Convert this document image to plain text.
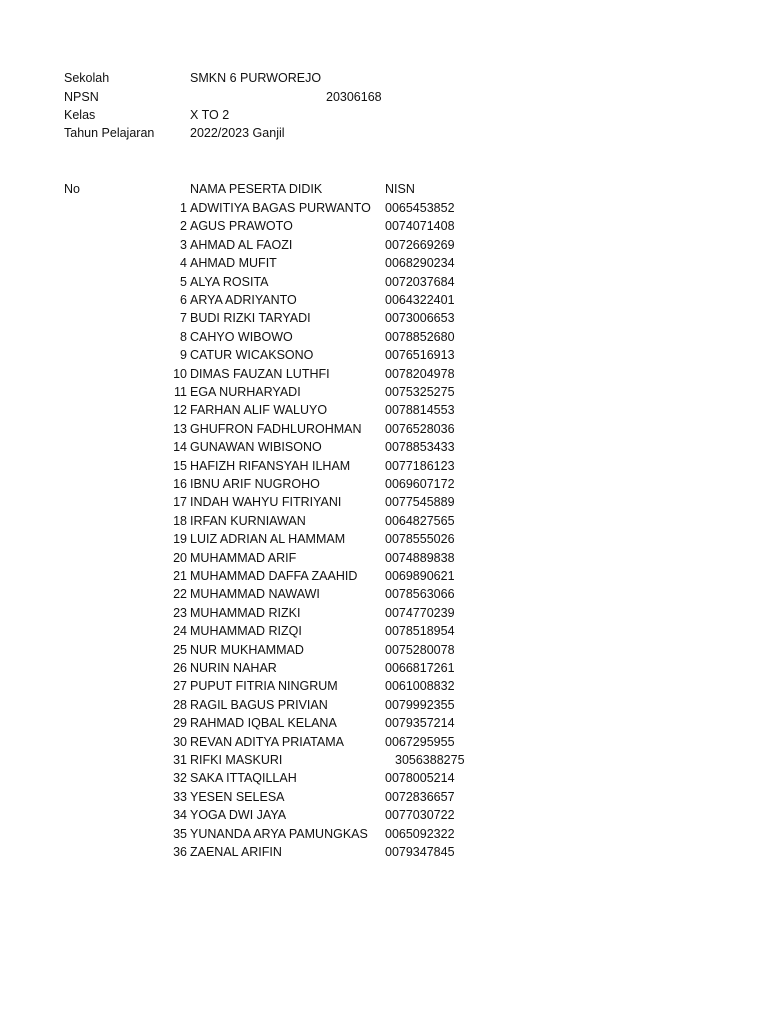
Sekolah	SMKN 6 PURWOREJO
NPSN	20306168
Kelas	X TO 2
Tahun Pelajaran	2022/2023 Ganjil
No	NAMA PESERTA DIDIK	NISN
1 ADWITIYA BAGAS PURWANTO 0065453852
2 AGUS PRAWOTO	0074071408
3 AHMAD AL FAOZI	0072669269
4 AHMAD MUFIT	0068290234
5 ALYA ROSITA	0072037684
6 ARYA ADRIYANTO	0064322401
7 BUDI RIZKI TARYADI	0073006653
8 CAHYO WIBOWO	0078852680
9 CATUR WICAKSONO	0076516913
10 DIMAS FAUZAN LUTHFI	0078204978
11 EGA NURHARYADI	0075325275
12 FARHAN ALIF WALUYO	0078814553
13 GHUFRON FADHLUROHMAN 0076528036
14 GUNAWAN WIBISONO	0078853433
15 HAFIZH RIFANSYAH ILHAM	0077186123
16 IBNU ARIF NUGROHO	0069607172
17 INDAH WAHYU FITRIYANI	0077545889
18 IRFAN KURNIAWAN	0064827565
19 LUIZ ADRIAN AL HAMMAM	0078555026
20 MUHAMMAD ARIF	0074889838
21 MUHAMMAD DAFFA ZAAHID 0069890621
22 MUHAMMAD NAWAWI	0078563066
23 MUHAMMAD RIZKI	0074770239
24 MUHAMMAD RIZQI	0078518954
25 NUR MUKHAMMAD	0075280078
26 NURIN NAHAR	0066817261
27 PUPUT FITRIA NINGRUM	0061008832
28 RAGIL BAGUS PRIVIAN	0079992355
29 RAHMAD IQBAL KELANA	0079357214
30 REVAN ADITYA PRIATAMA	0067295955
31 RIFKI MASKURI	3056388275
32 SAKA ITTAQILLAH	0078005214
33 YESEN SELESA	0072836657
34 YOGA DWI JAYA	0077030722
35 YUNANDA ARYA PAMUNGKAS 0065092322
36 ZAENAL ARIFIN	0079347845
